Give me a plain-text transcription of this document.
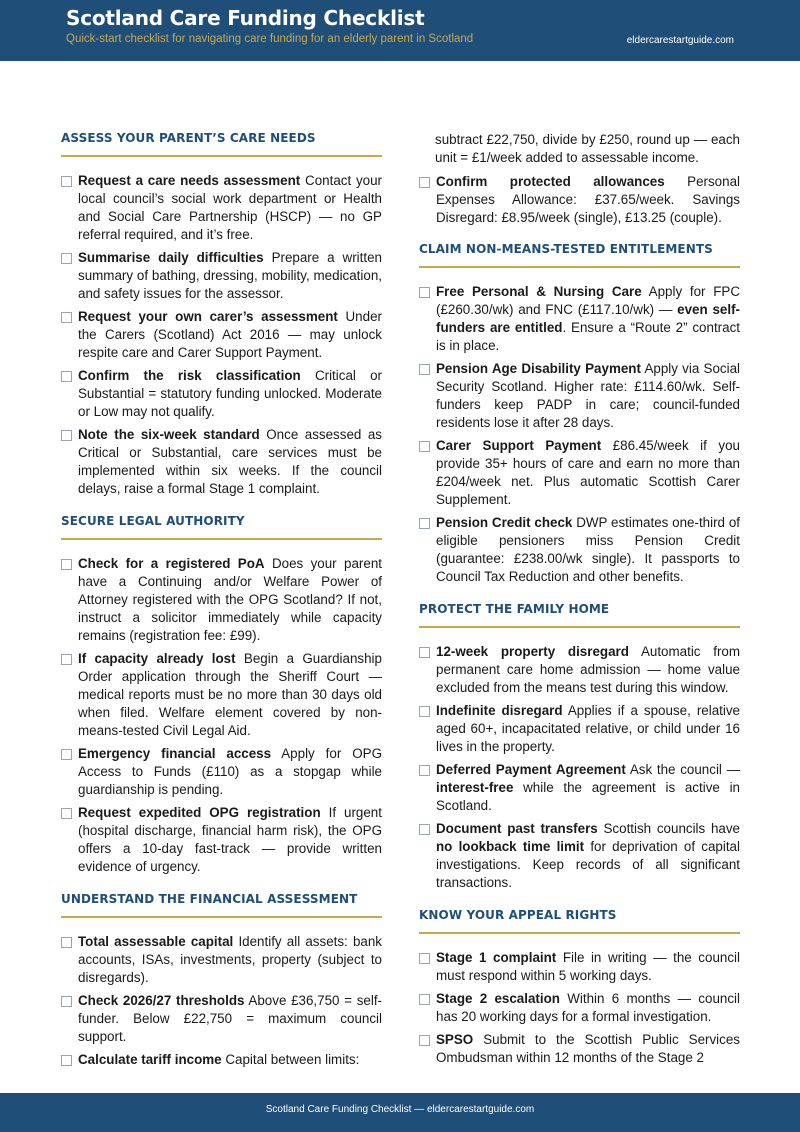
Scotland Care Funding Checklist
Quick-start checklist for navigating care funding for an elderly parent in Scotland	eldercarestartguide.com
ASSESS YOUR PARENT’S CARE NEEDS
Request a care needs assessment Contact your local council’s social work department or Health and Social Care Partnership (HSCP) — no GP referral required, and it’s free.
Summarise daily difficulties Prepare a written summary of bathing, dressing, mobility, medication, and safety issues for the assessor.
Request your own carer’s assessment Under the Carers (Scotland) Act 2016 — may unlock respite care and Carer Support Payment.
Confirm the risk classification Critical or Substantial = statutory funding unlocked. Moderate or Low may not qualify.
Note the six-week standard Once assessed as Critical or Substantial, care services must be implemented within six weeks. If the council delays, raise a formal Stage 1 complaint.
SECURE LEGAL AUTHORITY
Check for a registered PoA Does your parent have a Continuing and/or Welfare Power of Attorney registered with the OPG Scotland? If not, instruct a solicitor immediately while capacity remains (registration fee: £99).
If capacity already lost Begin a Guardianship Order application through the Sheriff Court — medical reports must be no more than 30 days old when filed. Welfare element covered by non-means-tested Civil Legal Aid.
Emergency financial access Apply for OPG Access to Funds (£110) as a stopgap while guardianship is pending.
Request expedited OPG registration If urgent (hospital discharge, financial harm risk), the OPG offers a 10-day fast-track — provide written evidence of urgency.
UNDERSTAND THE FINANCIAL ASSESSMENT
Total assessable capital Identify all assets: bank accounts, ISAs, investments, property (subject to disregards).
Check 2026/27 thresholds Above £36,750 = self-funder. Below £22,750 = maximum council support.
Calculate tariff income Capital between limits:
subtract £22,750, divide by £250, round up — each unit = £1/week added to assessable income.
Confirm protected allowances Personal Expenses Allowance: £37.65/week. Savings Disregard: £8.95/week (single), £13.25 (couple).
CLAIM NON-MEANS-TESTED ENTITLEMENTS
Free Personal & Nursing Care Apply for FPC (£260.30/wk) and FNC (£117.10/wk) — even self-funders are entitled. Ensure a “Route 2” contract is in place.
Pension Age Disability Payment Apply via Social Security Scotland. Higher rate: £114.60/wk. Self-funders keep PADP in care; council-funded residents lose it after 28 days.
Carer Support Payment £86.45/week if you provide 35+ hours of care and earn no more than £204/week net. Plus automatic Scottish Carer Supplement.
Pension Credit check DWP estimates one-third of eligible pensioners miss Pension Credit (guarantee: £238.00/wk single). It passports to Council Tax Reduction and other benefits.
PROTECT THE FAMILY HOME
12-week property disregard Automatic from permanent care home admission — home value excluded from the means test during this window.
Indefinite disregard Applies if a spouse, relative aged 60+, incapacitated relative, or child under 16 lives in the property.
Deferred Payment Agreement Ask the council — interest-free while the agreement is active in Scotland.
Document past transfers Scottish councils have no lookback time limit for deprivation of capital investigations. Keep records of all significant transactions.
KNOW YOUR APPEAL RIGHTS
Stage 1 complaint File in writing — the council must respond within 5 working days.
Stage 2 escalation Within 6 months — council has 20 working days for a formal investigation.
SPSO Submit to the Scottish Public Services Ombudsman within 12 months of the Stage 2
Scotland Care Funding Checklist — eldercarestartguide.com
